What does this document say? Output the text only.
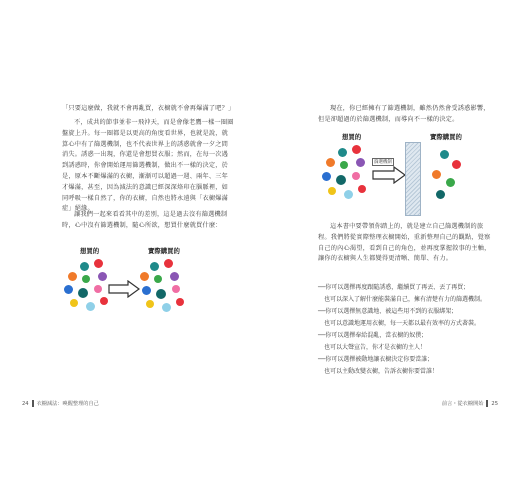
「只要這麼做，我就不會再亂買，衣櫥就不會再爆滿了吧？」

不，成共的節事並非一飛沖天，而是會像老鷹一樣一圈圈盤旋上升。每一圈都是以更高的角度看世界，也就是說，就算心中有了篩選機制，也不代表世界上的誘惑就會一夕之間消失。誘惑一出現，你還是會想買衣服；然而，在每一次遇到誘惑時，你會開始運用篩選機制，做出不一樣的決定，於是，原本不斷爆滿的衣櫥，漸漸可以超過一週、兩年、三年才爆滿，甚至，因為減法的意識已經深深烙印在腦脈裡，如同呼吸一樣自然了，你的衣櫥，自然也將永遠與「衣櫥爆滿症」絕緣。

讓我們一起來看看其中的差別，這是過去沒有篩選機制時，心中沒有篩選機制，隨心所欲，想買什麼就買什麼：

想買的	實際購買的
24 衣櫥減法：喚醒整理的自己

現在，你已經擁有了篩選機制，雖然仍然會受誘惑影響，但是卻超過的於篩選機制，而導向不一樣的決定。

想買的	實際購買的
篩選機制

這本書中要帶領你踏上的，就是建立自己篩選機制的旅程。我們將從實際整理衣櫥開始，重新整理自己的觀點，覺察自己的內心渴望，看到自己的角色，並再度掌握敘事的主軸，讓你的衣櫥與人生都變得更清晰、簡單、有力。

──你可以選擇再度跟隨誘惑，繼續買了再丟、丟了再買；
　也可以深入了解什麼能裝滿自己，擁有清楚有力的篩選機制。
──你可以選擇無意識地、被這些用不到的衣服綁架；
　也可以意識地運用衣櫥，每一天都以最有效率的方式著裝。
──你可以選擇奉給混亂，當衣櫥的奴僕；
　也可以大聲宣告，你才是衣櫥的主人！
──你可以選擇被動地讓衣櫥決定你要當誰；
　也可以主動改變衣櫥，告訴衣櫥你要當誰！
前言・從衣櫥開始 25
